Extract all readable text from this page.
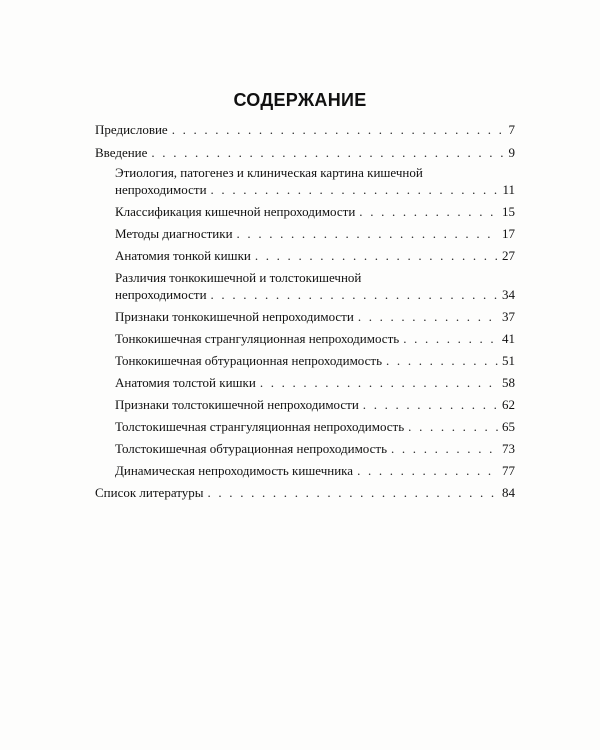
СОДЕРЖАНИЕ
Предисловие . . .	7
Введение . . .	9
Этиология, патогенез и клиническая картина кишечной
непроходимости . . .	11
Классификация кишечной непроходимости . . .	15
Методы диагностики . . .	17
Анатомия тонкой кишки . . .	27
Различия тонкокишечной и толстокишечной
непроходимости . . .	34
Признаки тонкокишечной непроходимости . . .	37
Тонкокишечная странгуляционная непроходимость . . .	41
Тонкокишечная обтурационная непроходимость . . .	51
Анатомия толстой кишки . . .	58
Признаки толстокишечной непроходимости . . .	62
Толстокишечная странгуляционная непроходимость . . .	65
Толстокишечная обтурационная непроходимость . . .	73
Динамическая непроходимость кишечника . . .	77
Список литературы . . .	84
